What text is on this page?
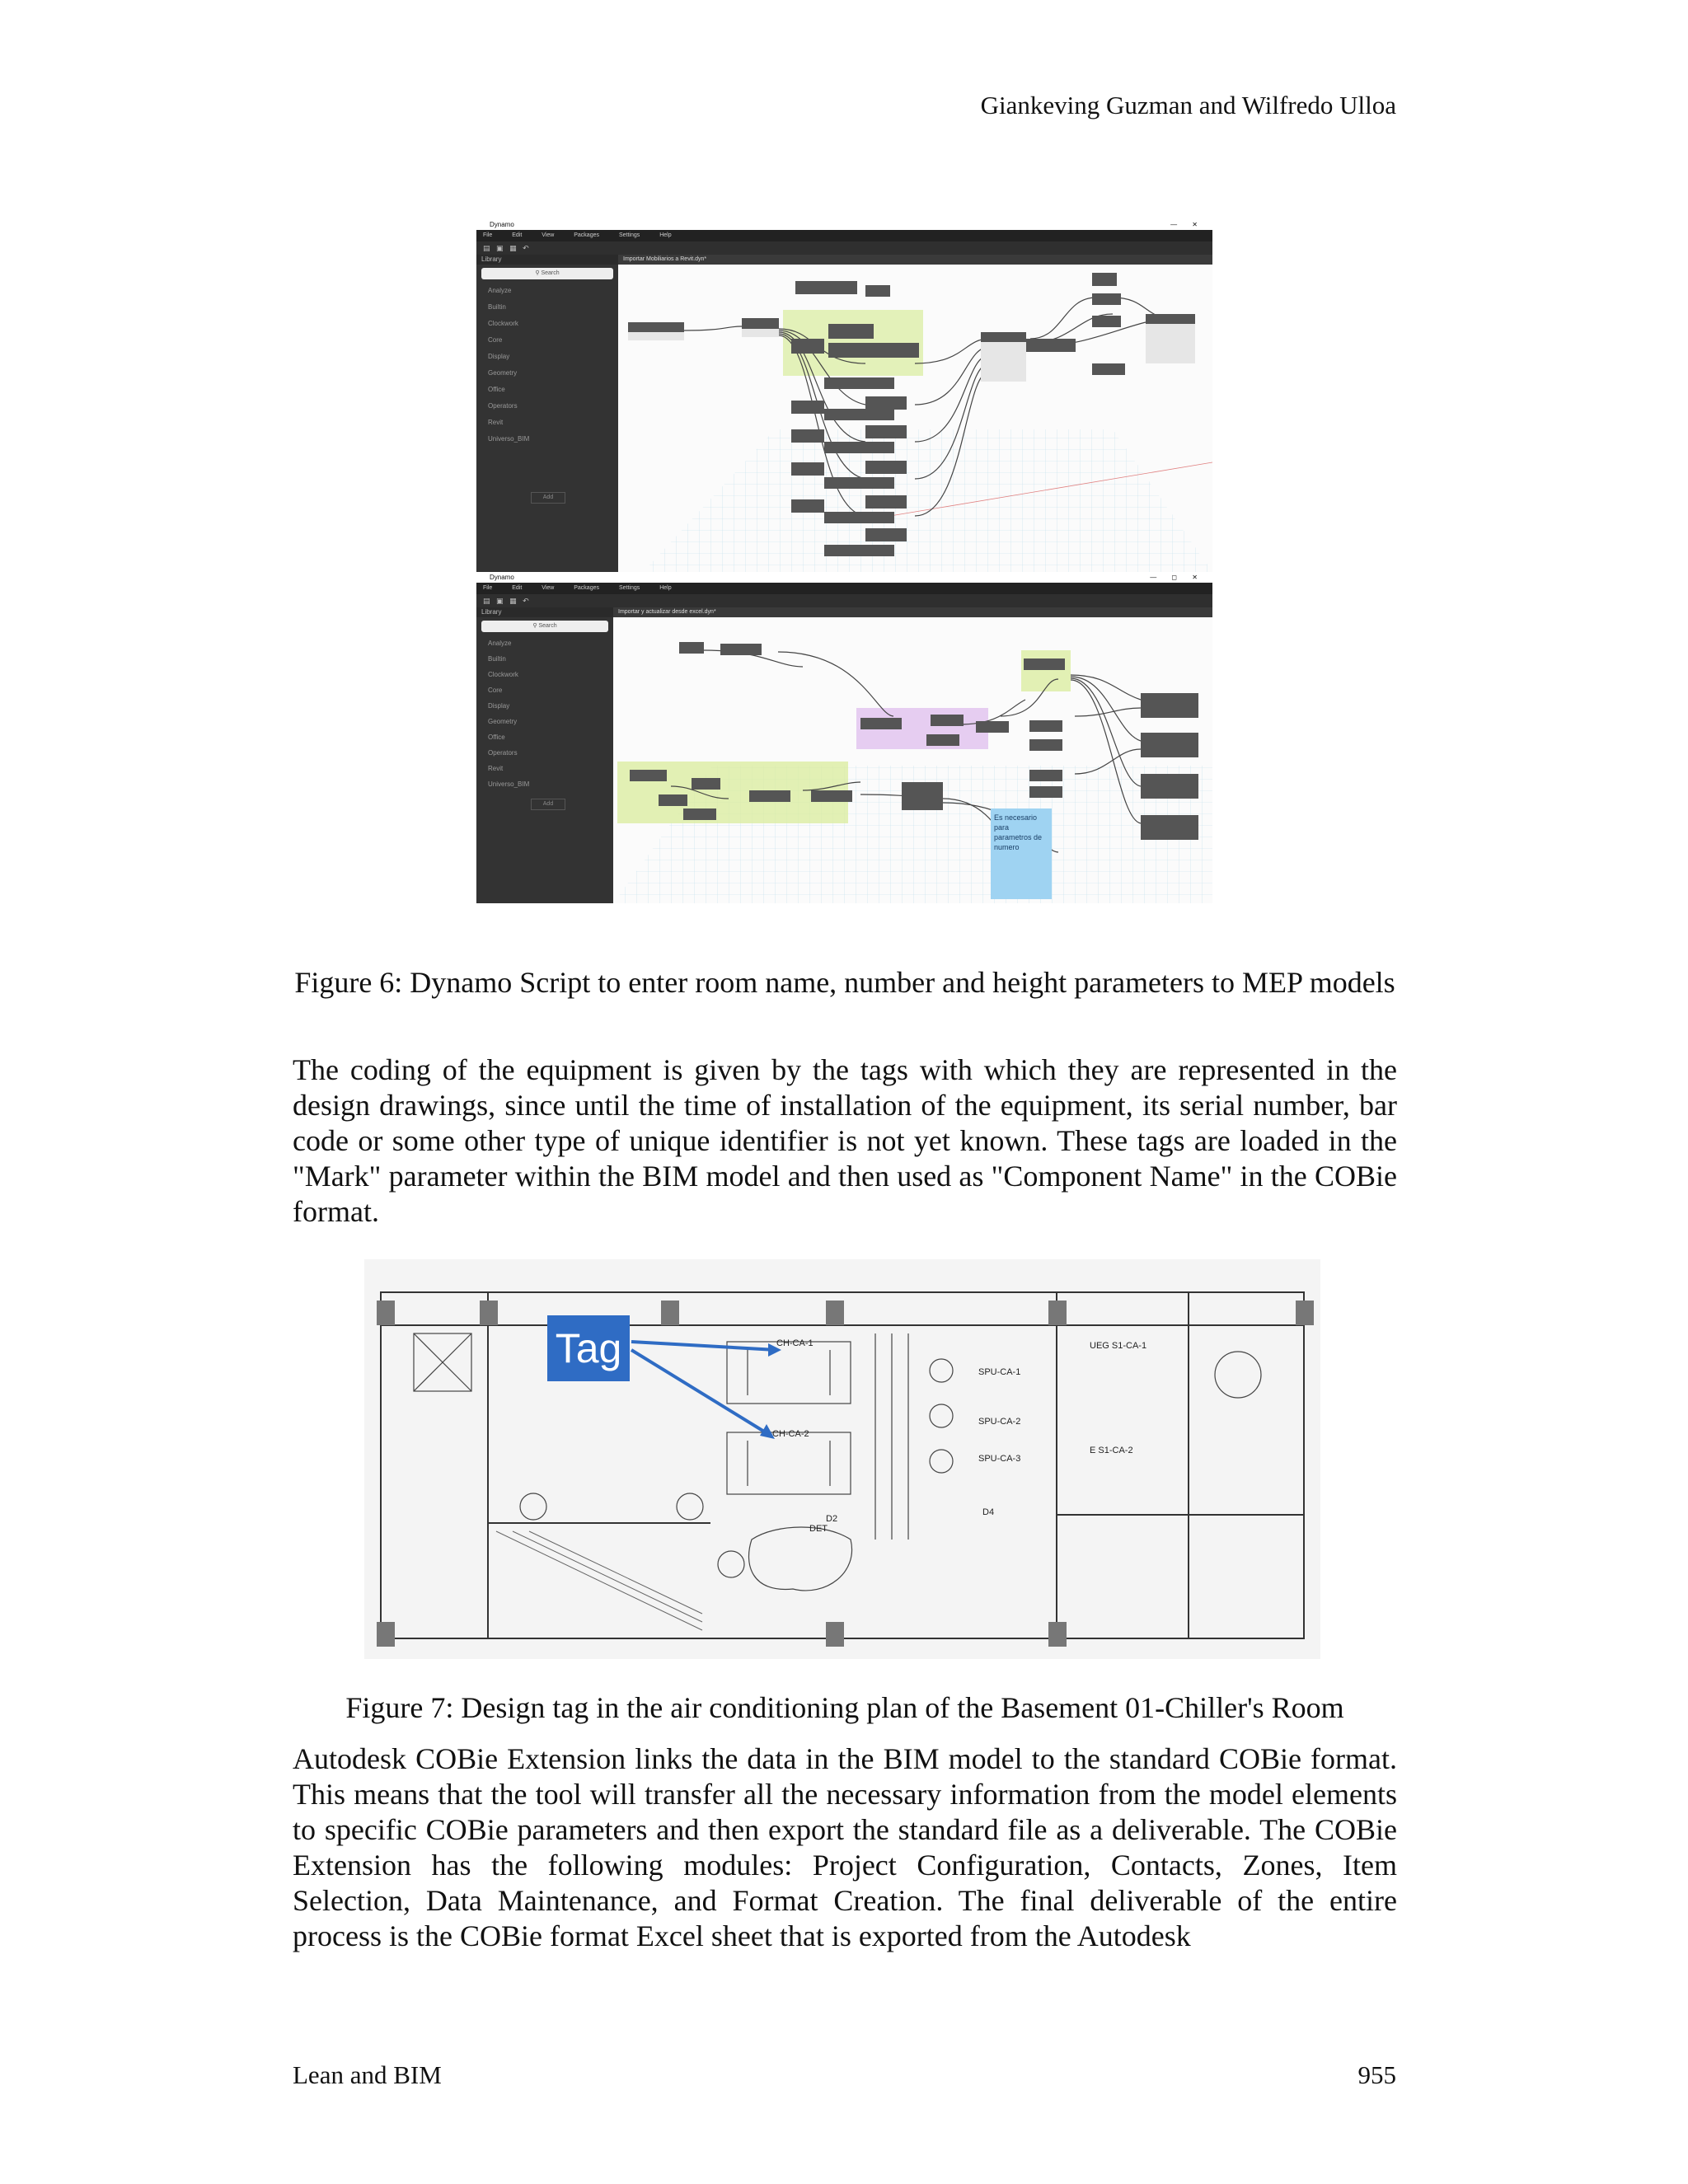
Giankeving Guzman and Wilfredo Ulloa
Dynamo	— ✕
File	Edit	View	Packages	Settings	Help
▤ ▣ ▦ ↶
Library
⚲ Search
Analyze
Builtin
Clockwork
Core
Display
Geometry
Office
Operators
Revit
Universo_BIM
Add
Importar Mobiliarios a Revit.dyn*
Dynamo	— ◻ ✕
File	Edit	View	Packages	Settings	Help
▤ ▣ ▦ ↶
Library
⚲ Search
Analyze
Builtin
Clockwork
Core
Display
Geometry
Office
Operators
Revit
Universo_BIM
Add
Importar y actualizar desde excel.dyn*
Es necesario para parametros de numero
Figure 6: Dynamo Script to enter room name, number and height parameters to MEP models

The coding of the equipment is given by the tags with which they are represented in the design drawings, since until the time of installation of the equipment, its serial number, bar code or some other type of unique identifier is not yet known. These tags are loaded in the "Mark" parameter within the BIM model and then used as "Component Name" in the COBie format.

CH-CA-1
CH-CA-2
DET
D2
D4
SPU-CA-1
SPU-CA-2
SPU-CA-3
UEG S1-CA-1
E S1-CA-2
Tag
Figure 7: Design tag in the air conditioning plan of the Basement 01-Chiller's Room

Autodesk COBie Extension links the data in the BIM model to the standard COBie format. This means that the tool will transfer all the necessary information from the model elements to specific COBie parameters and then export the standard file as a deliverable. The COBie Extension has the following modules: Project Configuration, Contacts, Zones, Item Selection, Data Maintenance, and Format Creation. The final deliverable of the entire process is the COBie format Excel sheet that is exported from the Autodesk

Lean and BIM	955
